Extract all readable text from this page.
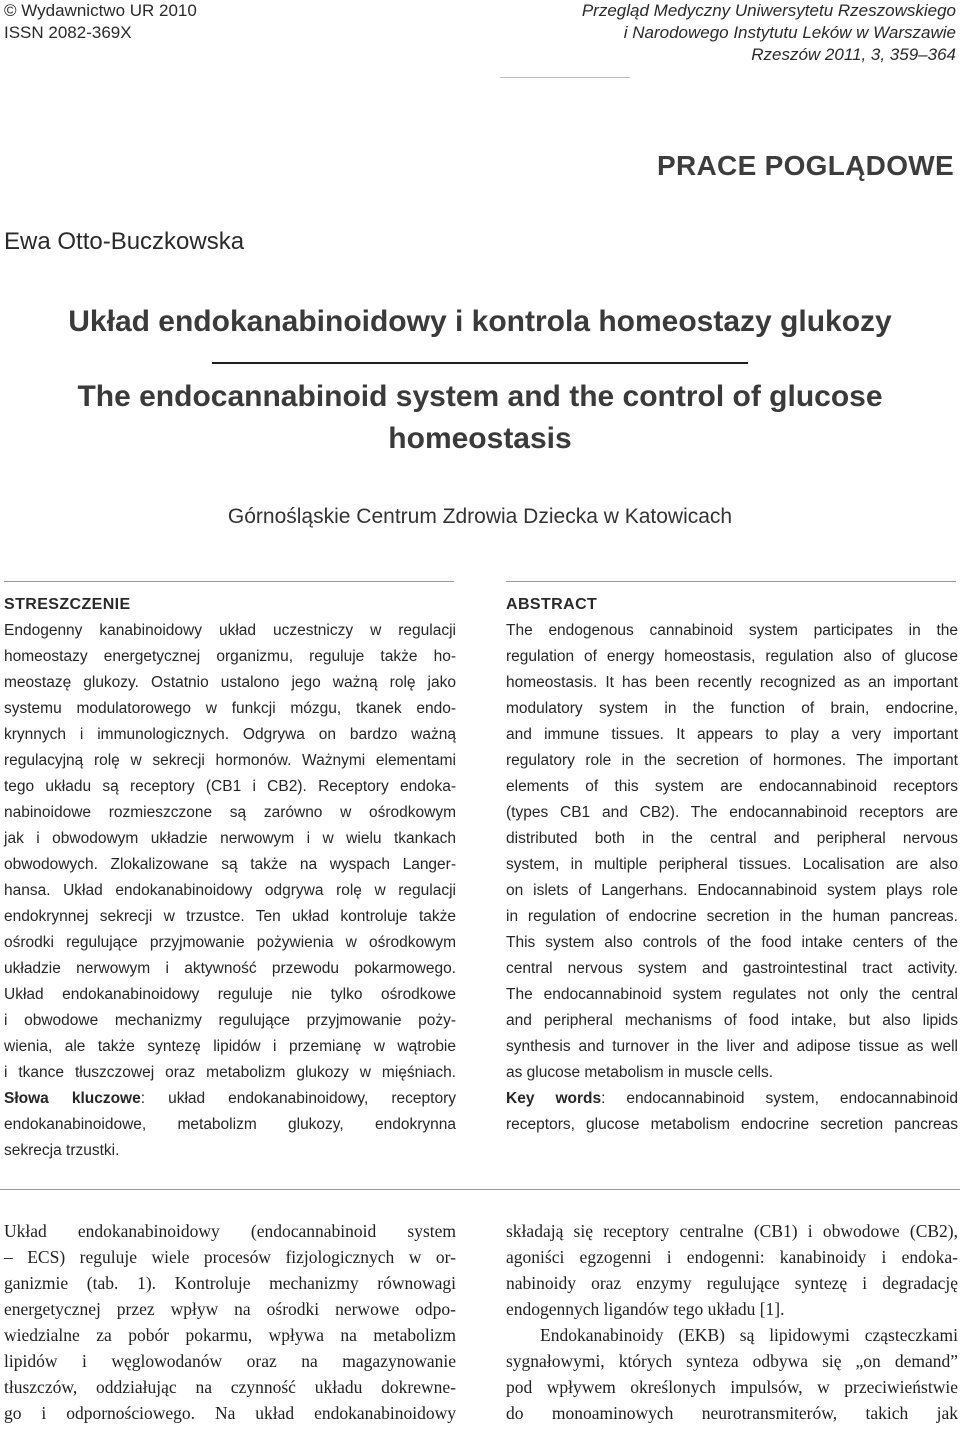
© Wydawnictwo UR 2010
ISSN 2082-369X
Przegląd Medyczny Uniwersytetu Rzeszowskiego
i Narodowego Instytutu Leków w Warszawie
Rzeszów 2011, 3, 359–364
PRACE POGLĄDOWE
Ewa Otto-Buczkowska
Układ endokanabinoidowy i kontrola homeostazy glukozy
The endocannabinoid system and the control of glucose
homeostasis
Górnośląskie Centrum Zdrowia Dziecka w Katowicach
STRESZCZENIE
Endogenny kanabinoidowy układ uczestniczy w regulacji
homeostazy energetycznej organizmu, reguluje także ho-
meostazę glukozy. Ostatnio ustalono jego ważną rolę jako
systemu modulatorowego w funkcji mózgu, tkanek endo-
krynnych i immunologicznych. Odgrywa on bardzo ważną
regulacyjną rolę w sekrecji hormonów. Ważnymi elementami
tego układu są receptory (CB1 i CB2). Receptory endoka-
nabinoidowe rozmieszczone są zarówno w ośrodkowym
jak i obwodowym układzie nerwowym i w wielu tkankach
obwodowych. Zlokalizowane są także na wyspach Langer-
hansa. Układ endokanabinoidowy odgrywa rolę w regulacji
endokrynnej sekrecji w trzustce. Ten układ kontroluje także
ośrodki regulujące przyjmowanie pożywienia w ośrodkowym
układzie nerwowym i aktywność przewodu pokarmowego.
Układ endokanabinoidowy reguluje nie tylko ośrodkowe
i obwodowe mechanizmy regulujące przyjmowanie poży-
wienia, ale także syntezę lipidów i przemianę w wątrobie
i tkance tłuszczowej oraz metabolizm glukozy w mięśniach.
Słowa kluczowe: układ endokanabinoidowy, receptory
endokanabinoidowe, metabolizm glukozy, endokrynna
sekrecja trzustki.
ABSTRACT
The endogenous cannabinoid system participates in the
regulation of energy homeostasis, regulation also of glucose
homeostasis. It has been recently recognized as an important
modulatory system in the function of brain, endocrine,
and immune tissues. It appears to play a very important
regulatory role in the secretion of hormones. The important
elements of this system are endocannabinoid receptors
(types CB1 and CB2). The endocannabinoid receptors are
distributed both in the central and peripheral nervous
system, in multiple peripheral tissues. Localisation are also
on islets of Langerhans. Endocannabinoid system plays role
in regulation of endocrine secretion in the human pancreas.
This system also controls of the food intake centers of the
central nervous system and gastrointestinal tract activity.
The endocannabinoid system regulates not only the central
and peripheral mechanisms of food intake, but also lipids
synthesis and turnover in the liver and adipose tissue as well
as glucose metabolism in muscle cells.
Key words: endocannabinoid system, endocannabinoid
receptors, glucose metabolism endocrine secretion pancreas
Układ endokanabinoidowy (endocannabinoid system
– ECS) reguluje wiele procesów fizjologicznych w or-
ganizmie (tab. 1). Kontroluje mechanizmy równowagi
energetycznej przez wpływ na ośrodki nerwowe odpo-
wiedzialne za pobór pokarmu, wpływa na metabolizm
lipidów i węglowodanów oraz na magazynowanie
tłuszczów, oddziałując na czynność układu dokrewne-
go i odpornościowego. Na układ endokanabinoidowy
składają się receptory centralne (CB1) i obwodowe (CB2),
agoniści egzogenni i endogenni: kanabinoidy i endoka-
nabinoidy oraz enzymy regulujące syntezę i degradację
endogennych ligandów tego układu [1].
Endokanabinoidy (EKB) są lipidowymi cząsteczkami
sygnałowymi, których synteza odbywa się „on demand”
pod wpływem określonych impulsów, w przeciwieństwie
do monoaminowych neurotransmiterów, takich jak
